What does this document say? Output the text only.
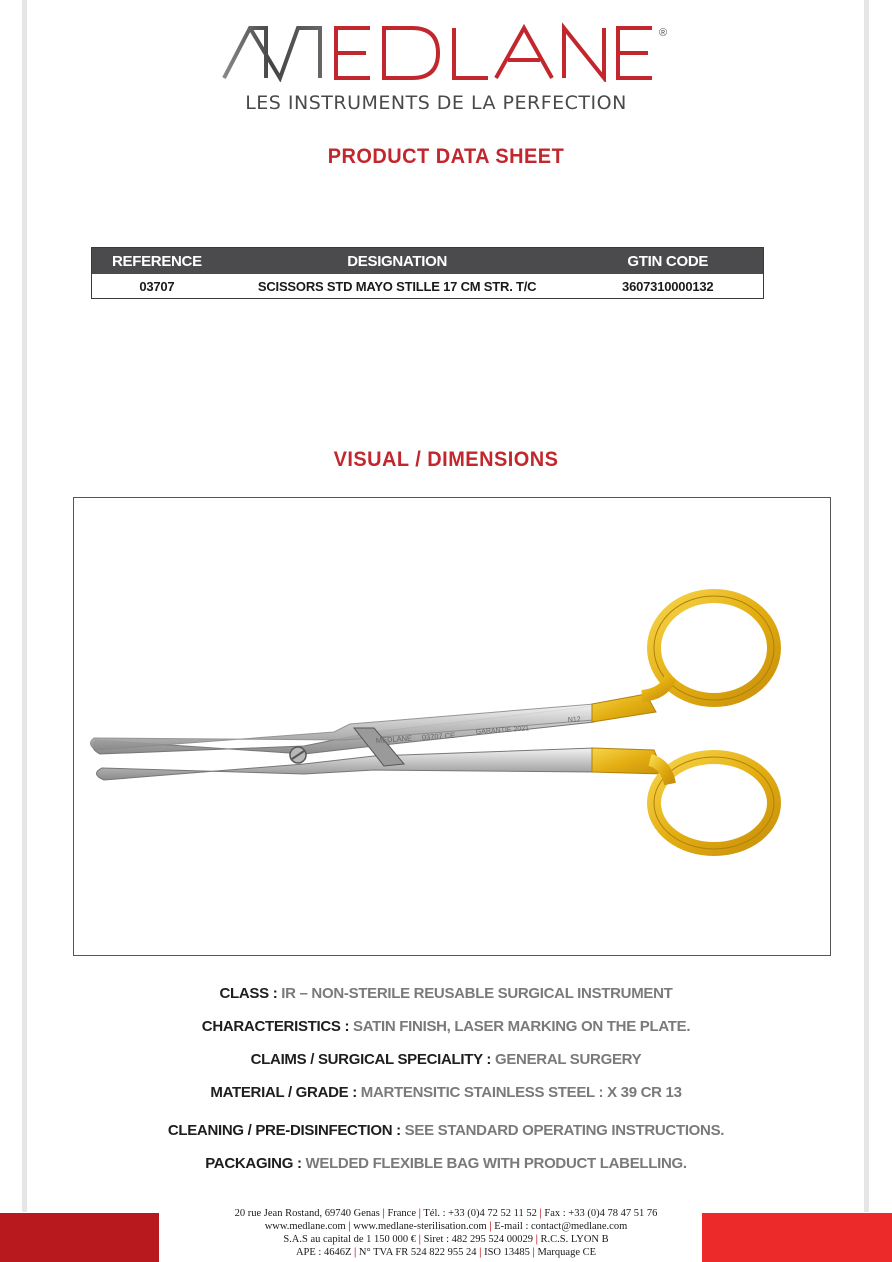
®
LES INSTRUMENTS DE LA PERFECTION
PRODUCT DATA SHEET
REFERENCE	DESIGNATION	GTIN CODE
03707	SCISSORS STD MAYO STILLE 17 CM STR. T/C	3607310000132
VISUAL / DIMENSIONS
MEDLANE 03707 CE
GARANTIE 2021
N12
CLASS : IR – NON-STERILE REUSABLE SURGICAL INSTRUMENT
CHARACTERISTICS : SATIN FINISH, LASER MARKING ON THE PLATE.
CLAIMS / SURGICAL SPECIALITY : GENERAL SURGERY
MATERIAL / GRADE : MARTENSITIC STAINLESS STEEL : X 39 CR 13
CLEANING / PRE-DISINFECTION : SEE STANDARD OPERATING INSTRUCTIONS.
PACKAGING : WELDED FLEXIBLE BAG WITH PRODUCT LABELLING.
20 rue Jean Rostand, 69740 Genas | France | Tél. : +33 (0)4 72 52 11 52 | Fax : +33 (0)4 78 47 51 76
www.medlane.com | www.medlane-sterilisation.com | E-mail : contact@medlane.com
S.A.S au capital de 1 150 000 € | Siret : 482 295 524 00029 | R.C.S. LYON B
APE : 4646Z | N° TVA FR 524 822 955 24 | ISO 13485 | Marquage CE
